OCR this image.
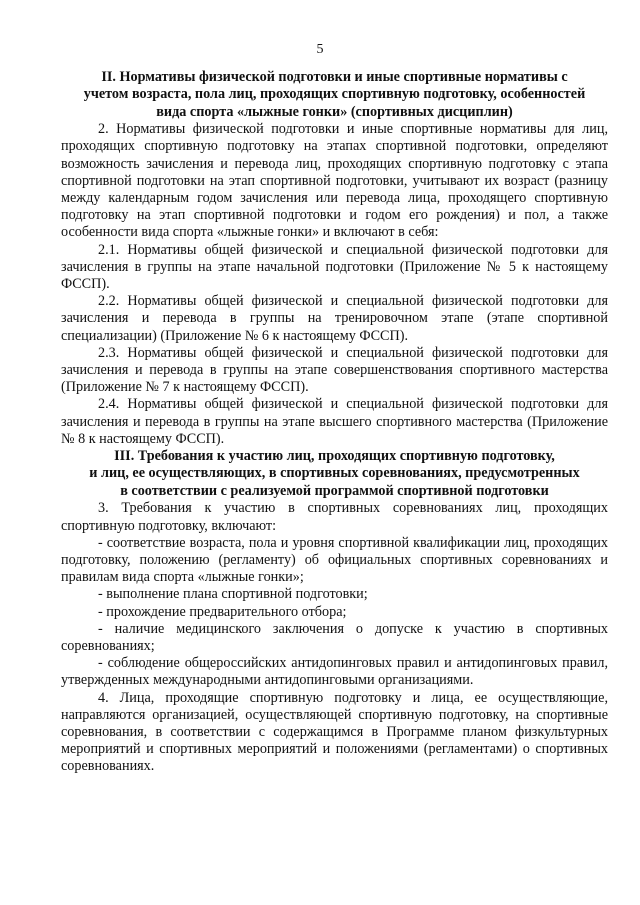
5
II. Нормативы физической подготовки и иные спортивные нормативы с
учетом возраста, пола лиц, проходящих спортивную подготовку, особенностей
вида спорта «лыжные гонки» (спортивных дисциплин)

2. Нормативы физической подготовки и иные спортивные нормативы для лиц, проходящих спортивную подготовку на этапах спортивной подготовки, определяют возможность зачисления и перевода лиц, проходящих спортивную подготовку с этапа спортивной подготовки на этап спортивной подготовки, учитывают их возраст (разницу между календарным годом зачисления или перевода лица, проходящего спортивную подготовку на этап спортивной подготовки и годом его рождения) и пол, а также особенности вида спорта «лыжные гонки» и включают в себя:

2.1. Нормативы общей физической и специальной физической подготовки для зачисления в группы на этапе начальной подготовки (Приложение № 5 к настоящему ФССП).

2.2. Нормативы общей физической и специальной физической подготовки для зачисления и перевода в группы на тренировочном этапе (этапе спортивной специализации) (Приложение № 6 к настоящему ФССП).

2.3. Нормативы общей физической и специальной физической подготовки для зачисления и перевода в группы на этапе совершенствования спортивного мастерства (Приложение № 7 к настоящему ФССП).

2.4. Нормативы общей физической и специальной физической подготовки для зачисления и перевода в группы на этапе высшего спортивного мастерства (Приложение № 8 к настоящему ФССП).

III. Требования к участию лиц, проходящих спортивную подготовку,
и лиц, ее осуществляющих, в спортивных соревнованиях, предусмотренных
в соответствии с реализуемой программой спортивной подготовки

3. Требования к участию в спортивных соревнованиях лиц, проходящих спортивную подготовку, включают:

- соответствие возраста, пола и уровня спортивной квалификации лиц, проходящих подготовку, положению (регламенту) об официальных спортивных соревнованиях и правилам вида спорта «лыжные гонки»;

- выполнение плана спортивной подготовки;

- прохождение предварительного отбора;

- наличие медицинского заключения о допуске к участию в спортивных соревнованиях;

- соблюдение общероссийских антидопинговых правил и антидопинговых правил, утвержденных международными антидопинговыми организациями.

4. Лица, проходящие спортивную подготовку и лица, ее осуществляющие, направляются организацией, осуществляющей спортивную подготовку, на спортивные соревнования, в соответствии с содержащимся в Программе планом физкультурных мероприятий и спортивных мероприятий и положениями (регламентами) о спортивных соревнованиях.
